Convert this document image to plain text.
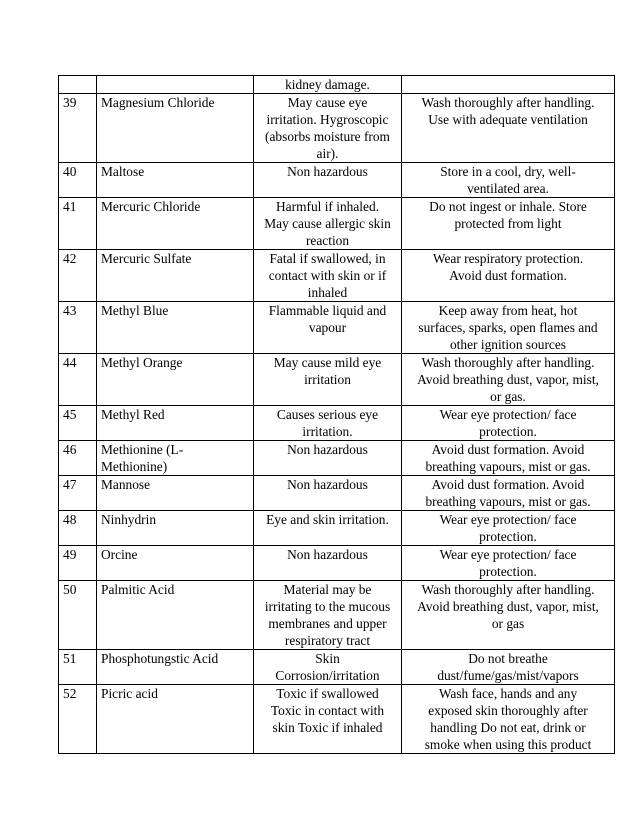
		kidney damage.	
39	Magnesium Chloride	May cause eye
irritation. Hygroscopic
(absorbs moisture from
air).	Wash thoroughly after handling.
Use with adequate ventilation
40	Maltose	Non hazardous	Store in a cool, dry, well-
ventilated area.
41	Mercuric Chloride	Harmful if inhaled.
May cause allergic skin
reaction	Do not ingest or inhale. Store
protected from light
42	Mercuric Sulfate	Fatal if swallowed, in
contact with skin or if
inhaled	Wear respiratory protection.
Avoid dust formation.
43	Methyl Blue	Flammable liquid and
vapour	Keep away from heat, hot
surfaces, sparks, open flames and
other ignition sources
44	Methyl Orange	May cause mild eye
irritation	Wash thoroughly after handling.
Avoid breathing dust, vapor, mist,
or gas.
45	Methyl Red	Causes serious eye
irritation.	Wear eye protection/ face
protection.
46	Methionine (L-
Methionine)	Non hazardous	Avoid dust formation. Avoid
breathing vapours, mist or gas.
47	Mannose	Non hazardous	Avoid dust formation. Avoid
breathing vapours, mist or gas.
48	Ninhydrin	Eye and skin irritation.	Wear eye protection/ face
protection.
49	Orcine	Non hazardous	Wear eye protection/ face
protection.
50	Palmitic Acid	Material may be
irritating to the mucous
membranes and upper
respiratory tract	Wash thoroughly after handling.
Avoid breathing dust, vapor, mist,
or gas
51	Phosphotungstic Acid	Skin
Corrosion/irritation	Do not breathe
dust/fume/gas/mist/vapors
52	Picric acid	Toxic if swallowed
Toxic in contact with
skin Toxic if inhaled	Wash face, hands and any
exposed skin thoroughly after
handling Do not eat, drink or
smoke when using this product
